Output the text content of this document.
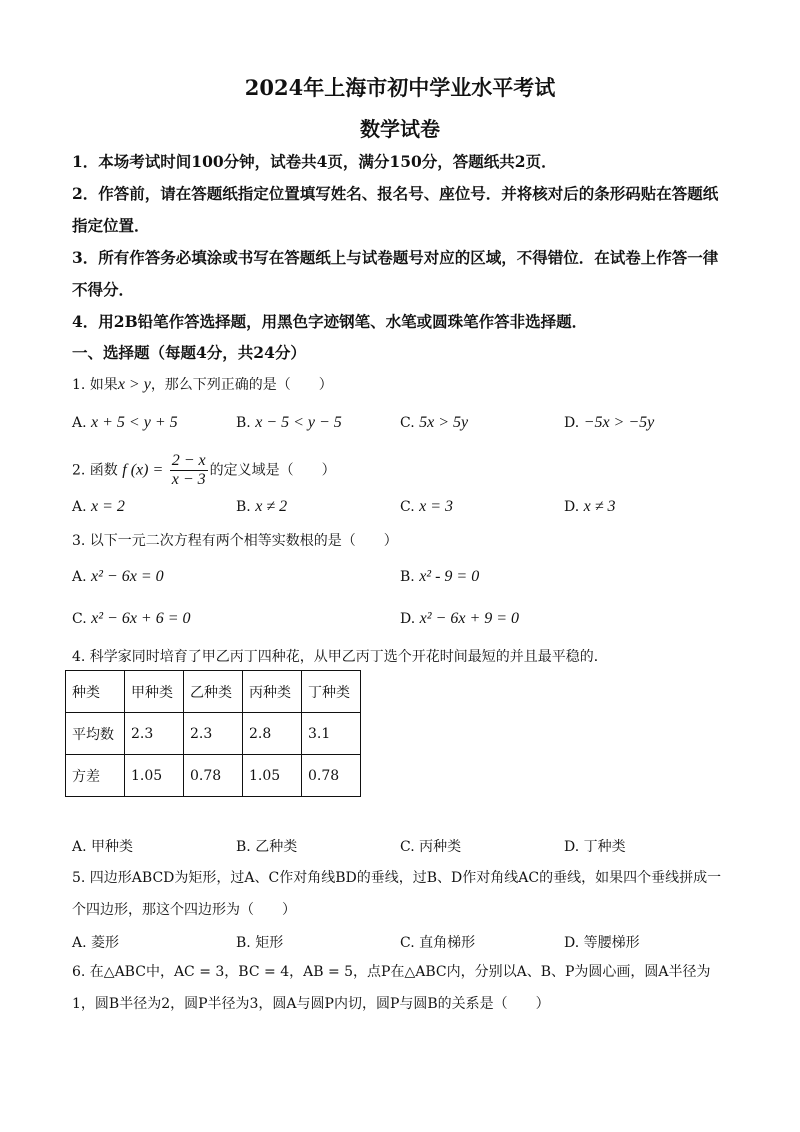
2024年上海市初中学业水平考试
数学试卷
1．本场考试时间100分钟，试卷共4页，满分150分，答题纸共2页．
2．作答前，请在答题纸指定位置填写姓名、报名号、座位号．并将核对后的条形码贴在答题纸指定位置．
3．所有作答务必填涂或书写在答题纸上与试卷题号对应的区域，不得错位．在试卷上作答一律不得分．
4．用2B铅笔作答选择题，用黑色字迹钢笔、水笔或圆珠笔作答非选择题．
一、选择题（每题4分，共24分）
1. 如果x > y，那么下列正确的是（　　）
A. x + 5 < y + 5	B. x − 5 < y − 5	C. 5x > 5y	D. −5x > −5y
2. 函数 f $(x) = \frac{2 - x}{x - 3}$ 的定义域是（　　）
A. x = 2	B. x ≠ 2	C. x = 3	D. x ≠ 3
3. 以下一元二次方程有两个相等实数根的是（　　）
A. x² − 6x = 0	B. x² - 9 = 0
C. x² − 6x + 6 = 0	D. x² − 6x + 9 = 0
4. 科学家同时培育了甲乙丙丁四种花，从甲乙丙丁选个开花时间最短的并且最平稳的．
种类	甲种类	乙种类	丙种类	丁种类
平均数	2.3	2.3	2.8	3.1
方差	1.05	0.78	1.05	0.78
A. 甲种类	B. 乙种类	C. 丙种类	D. 丁种类
5. 四边形ABCD为矩形，过A、C作对角线BD的垂线，过B、D作对角线AC的垂线，如果四个垂线拼成一个四边形，那这个四边形为（　　）
A. 菱形	B. 矩形	C. 直角梯形	D. 等腰梯形
6. 在△ABC中，AC = 3，BC = 4，AB = 5，点P在△ABC内，分别以A、B、P为圆心画，圆A半径为1，圆B半径为2，圆P半径为3，圆A与圆P内切，圆P与圆B的关系是（　　）
